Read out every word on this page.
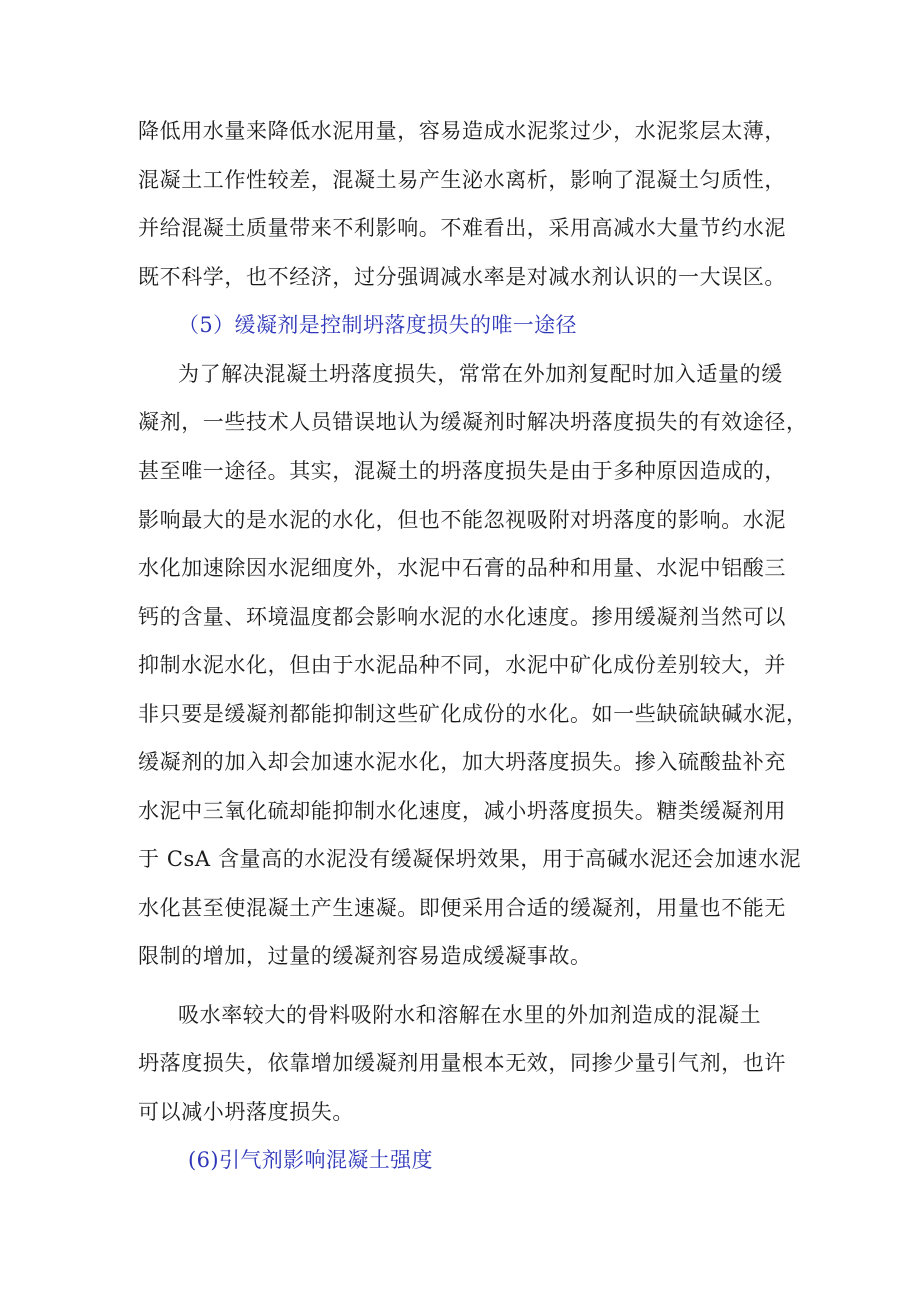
降低用水量来降低水泥用量，容易造成水泥浆过少，水泥浆层太薄，
混凝土工作性较差，混凝土易产生泌水离析，影响了混凝土匀质性，
并给混凝土质量带来不利影响。不难看出，采用高减水大量节约水泥
既不科学，也不经济，过分强调减水率是对减水剂认识的一大误区。
（5）缓凝剂是控制坍落度损失的唯一途径
为了解决混凝土坍落度损失，常常在外加剂复配时加入适量的缓
凝剂，一些技术人员错误地认为缓凝剂时解决坍落度损失的有效途径，
甚至唯一途径。其实，混凝土的坍落度损失是由于多种原因造成的，
影响最大的是水泥的水化，但也不能忽视吸附对坍落度的影响。水泥
水化加速除因水泥细度外，水泥中石膏的品种和用量、水泥中铝酸三
钙的含量、环境温度都会影响水泥的水化速度。掺用缓凝剂当然可以
抑制水泥水化，但由于水泥品种不同，水泥中矿化成份差别较大，并
非只要是缓凝剂都能抑制这些矿化成份的水化。如一些缺硫缺碱水泥，
缓凝剂的加入却会加速水泥水化，加大坍落度损失。掺入硫酸盐补充
水泥中三氧化硫却能抑制水化速度，减小坍落度损失。糖类缓凝剂用
于 CsA 含量高的水泥没有缓凝保坍效果，用于高碱水泥还会加速水泥
水化甚至使混凝土产生速凝。即便采用合适的缓凝剂，用量也不能无
限制的增加，过量的缓凝剂容易造成缓凝事故。
吸水率较大的骨料吸附水和溶解在水里的外加剂造成的混凝土
坍落度损失，依靠增加缓凝剂用量根本无效，同掺少量引气剂，也许
可以减小坍落度损失。
(6)引气剂影响混凝土强度
